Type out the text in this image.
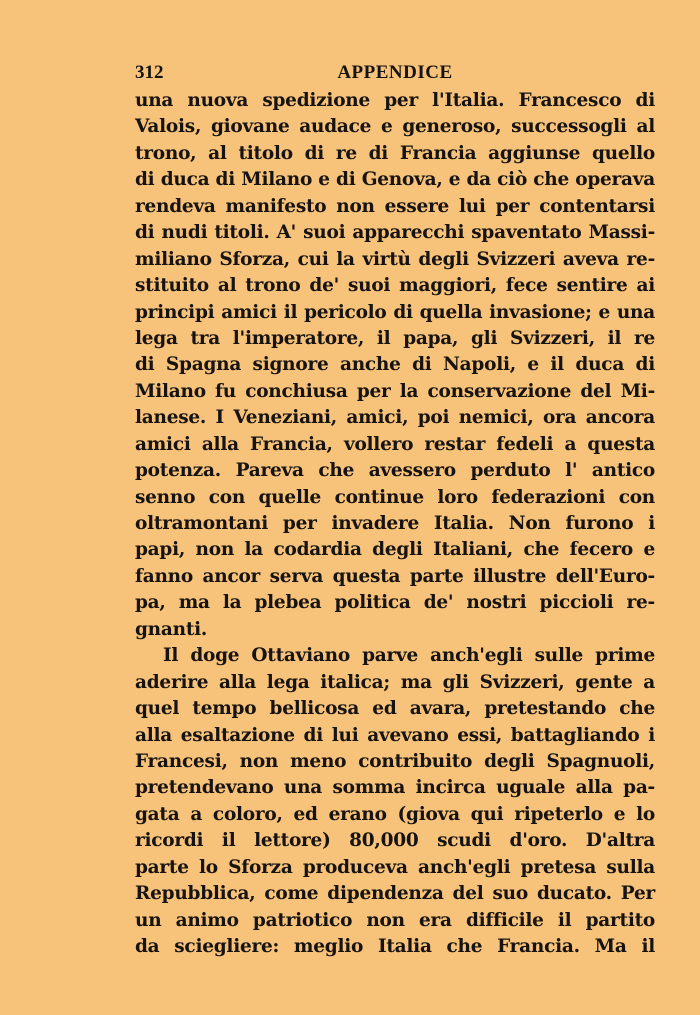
312	APPENDICE
una nuova spedizione per l'Italia. Francesco di
Valois, giovane audace e generoso, successogli al
trono, al titolo di re di Francia aggiunse quello
di duca di Milano e di Genova, e da ciò che operava
rendeva manifesto non essere lui per contentarsi
di nudi titoli. A' suoi apparecchi spaventato Massi-
miliano Sforza, cui la virtù degli Svizzeri aveva re-
stituito al trono de' suoi maggiori, fece sentire ai
principi amici il pericolo di quella invasione; e una
lega tra l'imperatore, il papa, gli Svizzeri, il re
di Spagna signore anche di Napoli, e il duca di
Milano fu conchiusa per la conservazione del Mi-
lanese. I Veneziani, amici, poi nemici, ora ancora
amici alla Francia, vollero restar fedeli a questa
potenza. Pareva che avessero perduto l' antico
senno con quelle continue loro federazioni con
oltramontani per invadere Italia. Non furono i
papi, non la codardia degli Italiani, che fecero e
fanno ancor serva questa parte illustre dell'Euro-
pa, ma la plebea politica de' nostri piccioli re-
gnanti.
Il doge Ottaviano parve anch'egli sulle prime
aderire alla lega italica; ma gli Svizzeri, gente a
quel tempo bellicosa ed avara, pretestando che
alla esaltazione di lui avevano essi, battagliando i
Francesi, non meno contribuito degli Spagnuoli,
pretendevano una somma incirca uguale alla pa-
gata a coloro, ed erano (giova qui ripeterlo e lo
ricordi il lettore) 80,000 scudi d'oro. D'altra
parte lo Sforza produceva anch'egli pretesa sulla
Repubblica, come dipendenza del suo ducato. Per
un animo patriotico non era difficile il partito
da sciegliere: meglio Italia che Francia. Ma il
